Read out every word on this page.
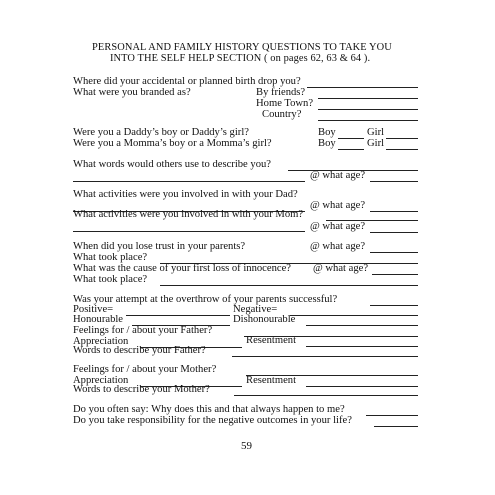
PERSONAL AND FAMILY HISTORY QUESTIONS TO TAKE YOU
INTO THE SELF HELP SECTION ( on pages 62, 63 & 64 ).
Where did your accidental or planned birth drop you?
What were you branded as?	By friends?
Home Town?
Country?
Were you a Daddy’s boy or Daddy’s girl?	Boy	Girl
Were you a Momma’s boy or a Momma’s girl?	Boy	Girl
What words would others use to describe you?
@ what age?
What activities were you involved in with your Dad?
@ what age?
What activities were you involved in with your Mom?
@ what age?
When did you lose trust in your parents?	@ what age?
What took place?
What was the cause of your first loss of innocence? @ what age?
What took place?
Was your attempt at the overthrow of your parents successful?
Positive=	Negative=
Honourable	Dishonourable
Feelings for / about your Father?
Appreciation	Resentment
Words to describe your Father?
Feelings for / about your Mother?
Appreciation	Resentment
Words to describe your Mother?
Do you often say: Why does this and that always happen to me?
Do you take responsibility for the negative outcomes in your life?
59
